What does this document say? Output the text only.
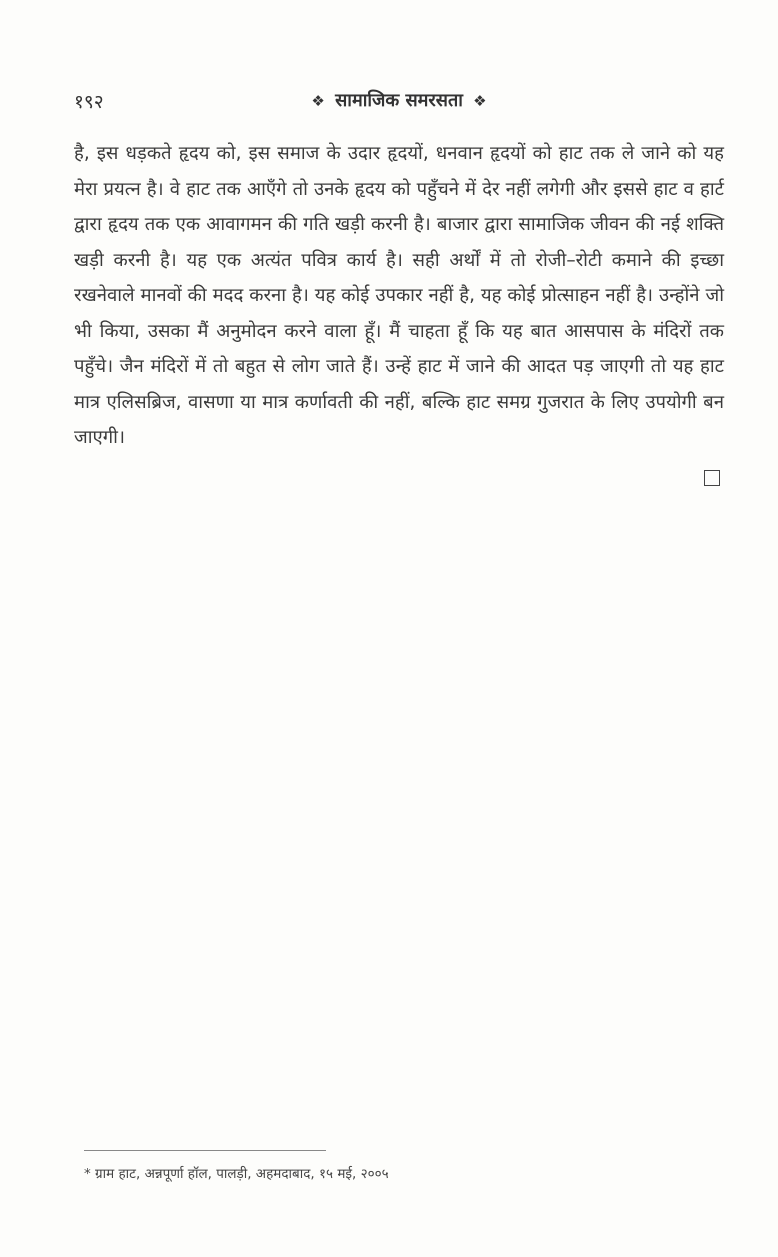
१९२	❖ सामाजिक समरसता ❖

है, इस धड़कते हृदय को, इस समाज के उदार हृदयों, धनवान हृदयों को हाट तक ले जाने को यह मेरा प्रयत्न है। वे हाट तक आएँगे तो उनके हृदय को पहुँचने में देर नहीं लगेगी और इससे हाट व हार्ट द्वारा हृदय तक एक आवागमन की गति खड़ी करनी है। बाजार द्वारा सामाजिक जीवन की नई शक्ति खड़ी करनी है। यह एक अत्यंत पवित्र कार्य है। सही अर्थों में तो रोजी–रोटी कमाने की इच्छा रखनेवाले मानवों की मदद करना है। यह कोई उपकार नहीं है, यह कोई प्रोत्साहन नहीं है। उन्होंने जो भी किया, उसका मैं अनुमोदन करने वाला हूँ। मैं चाहता हूँ कि यह बात आसपास के मंदिरों तक पहुँचे। जैन मंदिरों में तो बहुत से लोग जाते हैं। उन्हें हाट में जाने की आदत पड़ जाएगी तो यह हाट मात्र एलिसब्रिज, वासणा या मात्र कर्णावती की नहीं, बल्कि हाट समग्र गुजरात के लिए उपयोगी बन जाएगी।

* ग्राम हाट, अन्नपूर्णा हॉल, पालड़ी, अहमदाबाद, १५ मई, २००५
